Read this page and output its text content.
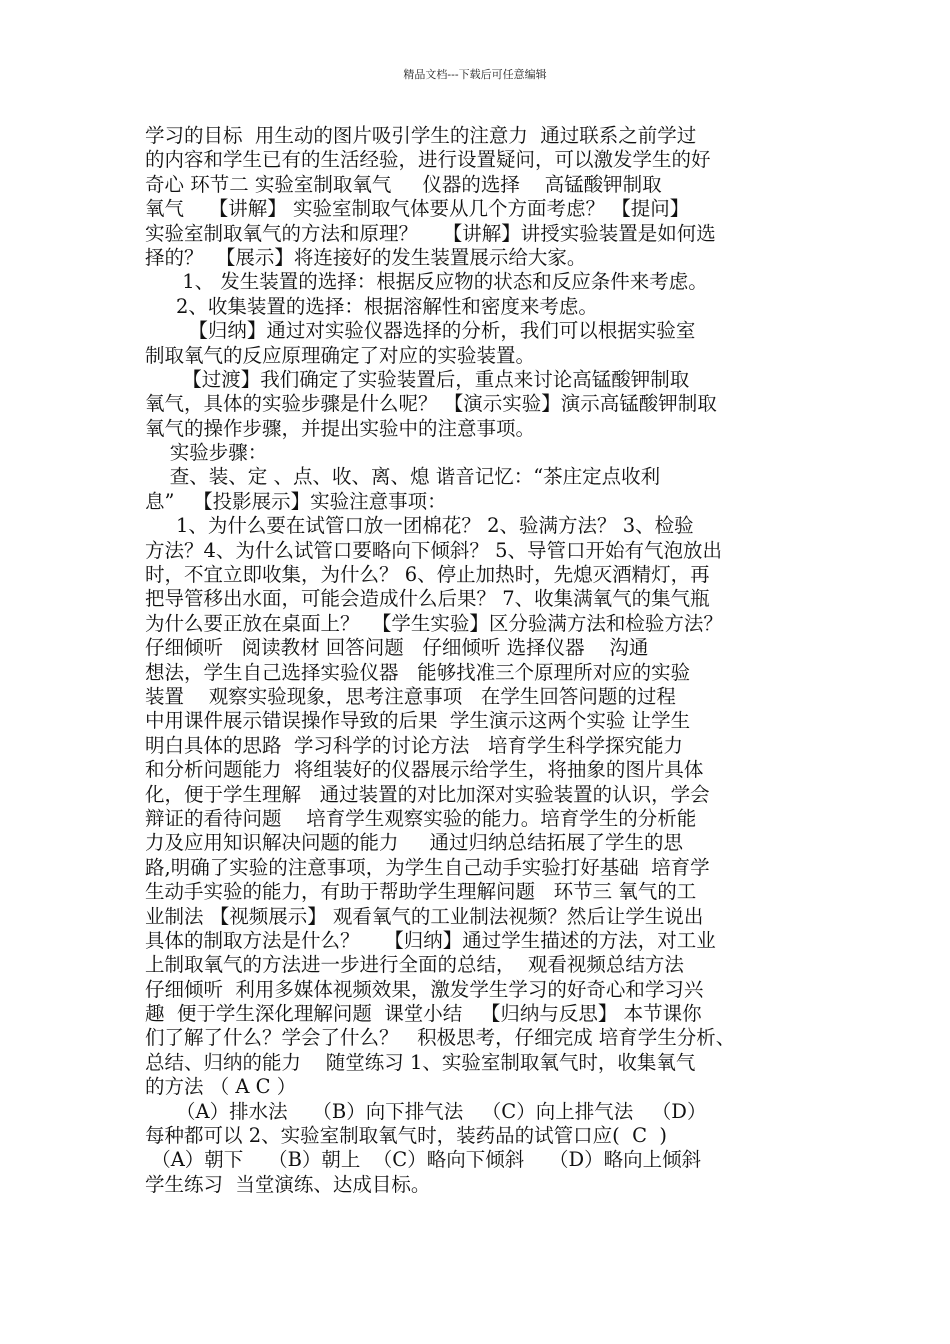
精品文档---下载后可任意编辑
学习的目标  用生动的图片吸引学生的注意力  通过联系之前学过
的内容和学生已有的生活经验，进行设置疑问，可以激发学生的好
奇心 环节二 实验室制取氧气     仪器的选择    高锰酸钾制取
氧气    【讲解】 实验室制取气体要从几个方面考虑？ 【提问】
实验室制取氧气的方法和原理？    【讲解】讲授实验装置是如何选
择的？  【展示】将连接好的发生装置展示给大家。
1、 发生装置的选择：根据反应物的状态和反应条件来考虑。
2、收集装置的选择：根据溶解性和密度来考虑。
【归纳】通过对实验仪器选择的分析，我们可以根据实验室
制取氧气的反应原理确定了对应的实验装置。
【过渡】我们确定了实验装置后，重点来讨论高锰酸钾制取
氧气，具体的实验步骤是什么呢？ 【演示实验】演示高锰酸钾制取
氧气的操作步骤，并提出实验中的注意事项。
实验步骤：
查、装、定 、点、收、离、熄 谐音记忆：“茶庄定点收利
息”   【投影展示】实验注意事项：
1、为什么要在试管口放一团棉花？ 2、验满方法？ 3、检验
方法？4、为什么试管口要略向下倾斜？ 5、导管口开始有气泡放出
时，不宜立即收集，为什么？ 6、停止加热时，先熄灭酒精灯，再
把导管移出水面，可能会造成什么后果？ 7、收集满氧气的集气瓶
为什么要正放在桌面上？  【学生实验】区分验满方法和检验方法？
仔细倾听   阅读教材 回答问题   仔细倾听 选择仪器    沟通
想法，学生自己选择实验仪器   能够找准三个原理所对应的实验
装置    观察实验现象，思考注意事项   在学生回答问题的过程
中用课件展示错误操作导致的后果  学生演示这两个实验 让学生
明白具体的思路  学习科学的讨论方法   培育学生科学探究能力
和分析问题能力  将组装好的仪器展示给学生，将抽象的图片具体
化，便于学生理解   通过装置的对比加深对实验装置的认识，学会
辩证的看待问题    培育学生观察实验的能力。培育学生的分析能
力及应用知识解决问题的能力     通过归纳总结拓展了学生的思
路,明确了实验的注意事项，为学生自己动手实验打好基础  培育学
生动手实验的能力，有助于帮助学生理解问题   环节三 氧气的工
业制法 【视频展示】 观看氧气的工业制法视频？然后让学生说出
具体的制取方法是什么？    【归纳】通过学生描述的方法，对工业
上制取氧气的方法进一步进行全面的总结，  观看视频总结方法
仔细倾听  利用多媒体视频效果，激发学生学习的好奇心和学习兴
趣  便于学生深化理解问题  课堂小结   【归纳与反思】 本节课你
们了解了什么？学会了什么？   积极思考，仔细完成 培育学生分析、
总结、归纳的能力    随堂练习 1、实验室制取氧气时，收集氧气
的方法 （ A C ）
（A）排水法    （B）向下排气法   （C）向上排气法   （D）
每种都可以 2、实验室制取氧气时，装药品的试管口应(  C  )
（A）朝下    （B）朝上  （C）略向下倾斜    （D）略向上倾斜
学生练习  当堂演练、达成目标。
